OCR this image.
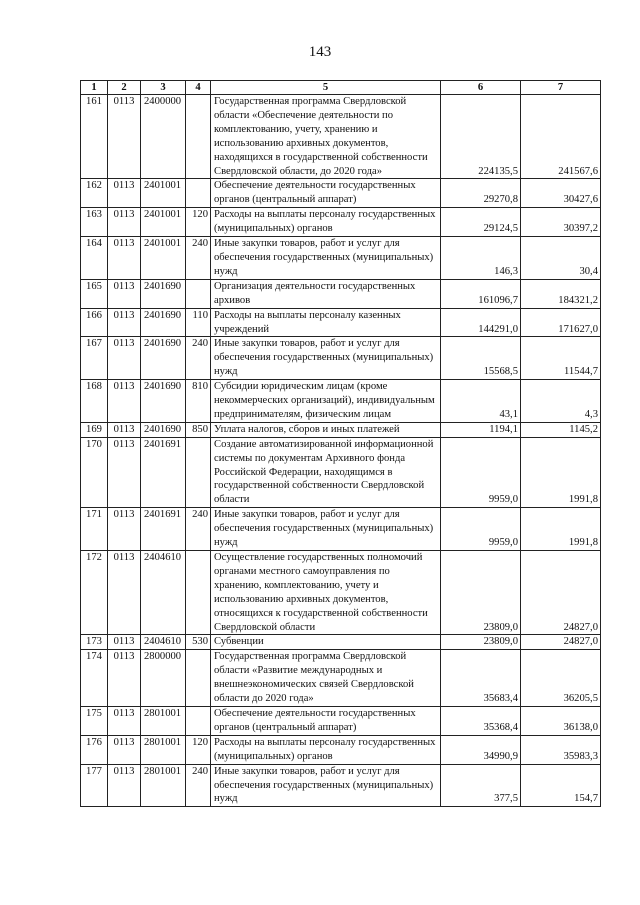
143
1	2	3	4	5	6	7
161	0113	2400000		Государственная программа Свердловской области «Обеспечение деятельности по комплектованию, учету, хранению и использованию архивных документов, находящихся в государственной собственности Свердловской области, до 2020 года»	224135,5	241567,6
162	0113	2401001		Обеспечение деятельности государственных органов (центральный аппарат)	29270,8	30427,6
163	0113	2401001	120	Расходы на выплаты персоналу государственных (муниципальных) органов	29124,5	30397,2
164	0113	2401001	240	Иные закупки товаров, работ и услуг для обеспечения государственных (муниципальных) нужд	146,3	30,4
165	0113	2401690		Организация деятельности государственных архивов	161096,7	184321,2
166	0113	2401690	110	Расходы на выплаты персоналу казенных учреждений	144291,0	171627,0
167	0113	2401690	240	Иные закупки товаров, работ и услуг для обеспечения государственных (муниципальных) нужд	15568,5	11544,7
168	0113	2401690	810	Субсидии юридическим лицам (кроме некоммерческих организаций), индивидуальным предпринимателям, физическим лицам	43,1	4,3
169	0113	2401690	850	Уплата налогов, сборов и иных платежей	1194,1	1145,2
170	0113	2401691		Создание автоматизированной информационной системы по документам Архивного фонда Российской Федерации, находящимся в государственной собственности Свердловской области	9959,0	1991,8
171	0113	2401691	240	Иные закупки товаров, работ и услуг для обеспечения государственных (муниципальных) нужд	9959,0	1991,8
172	0113	2404610		Осуществление государственных полномочий органами местного самоуправления по хранению, комплектованию, учету и использованию архивных документов, относящихся к государственной собственности Свердловской области	23809,0	24827,0
173	0113	2404610	530	Субвенции	23809,0	24827,0
174	0113	2800000		Государственная программа Свердловской области «Развитие международных и внешнеэкономических связей Свердловской области до 2020 года»	35683,4	36205,5
175	0113	2801001		Обеспечение деятельности государственных органов (центральный аппарат)	35368,4	36138,0
176	0113	2801001	120	Расходы на выплаты персоналу государственных (муниципальных) органов	34990,9	35983,3
177	0113	2801001	240	Иные закупки товаров, работ и услуг для обеспечения государственных (муниципальных) нужд	377,5	154,7
